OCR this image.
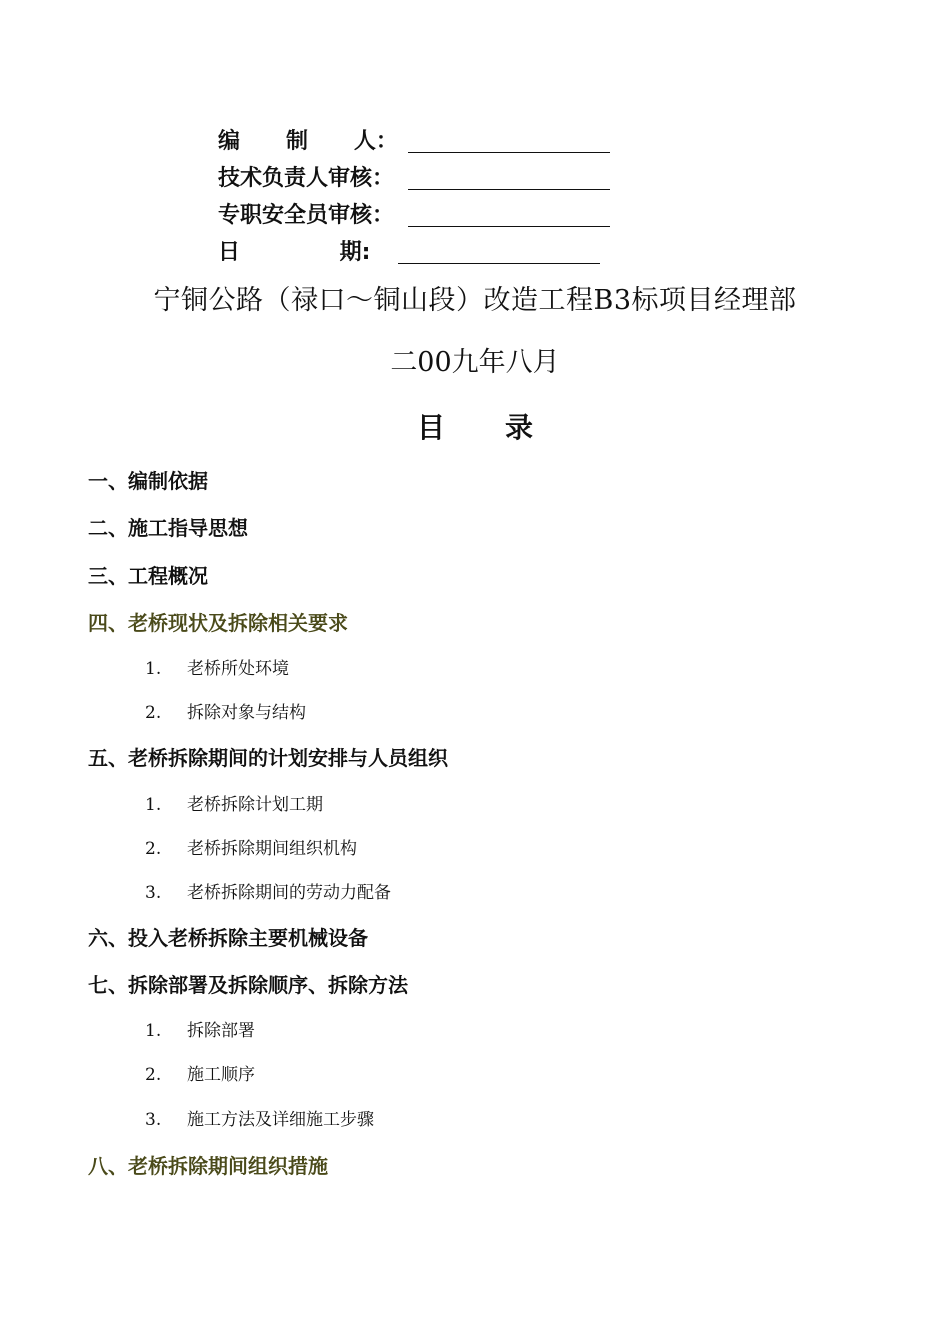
编      制      人：
技术负责人审核：
专职安全员审核：
日             期:
宁铜公路（禄口～铜山段）改造工程B3标项目经理部
二00九年八月
目录
一、编制依据
二、施工指导思想
三、工程概况
四、老桥现状及拆除相关要求
1. 老桥所处环境
2. 拆除对象与结构
五、老桥拆除期间的计划安排与人员组织
1. 老桥拆除计划工期
2. 老桥拆除期间组织机构
3. 老桥拆除期间的劳动力配备
六、投入老桥拆除主要机械设备
七、拆除部署及拆除顺序、拆除方法
1. 拆除部署
2. 施工顺序
3. 施工方法及详细施工步骤
八、老桥拆除期间组织措施
